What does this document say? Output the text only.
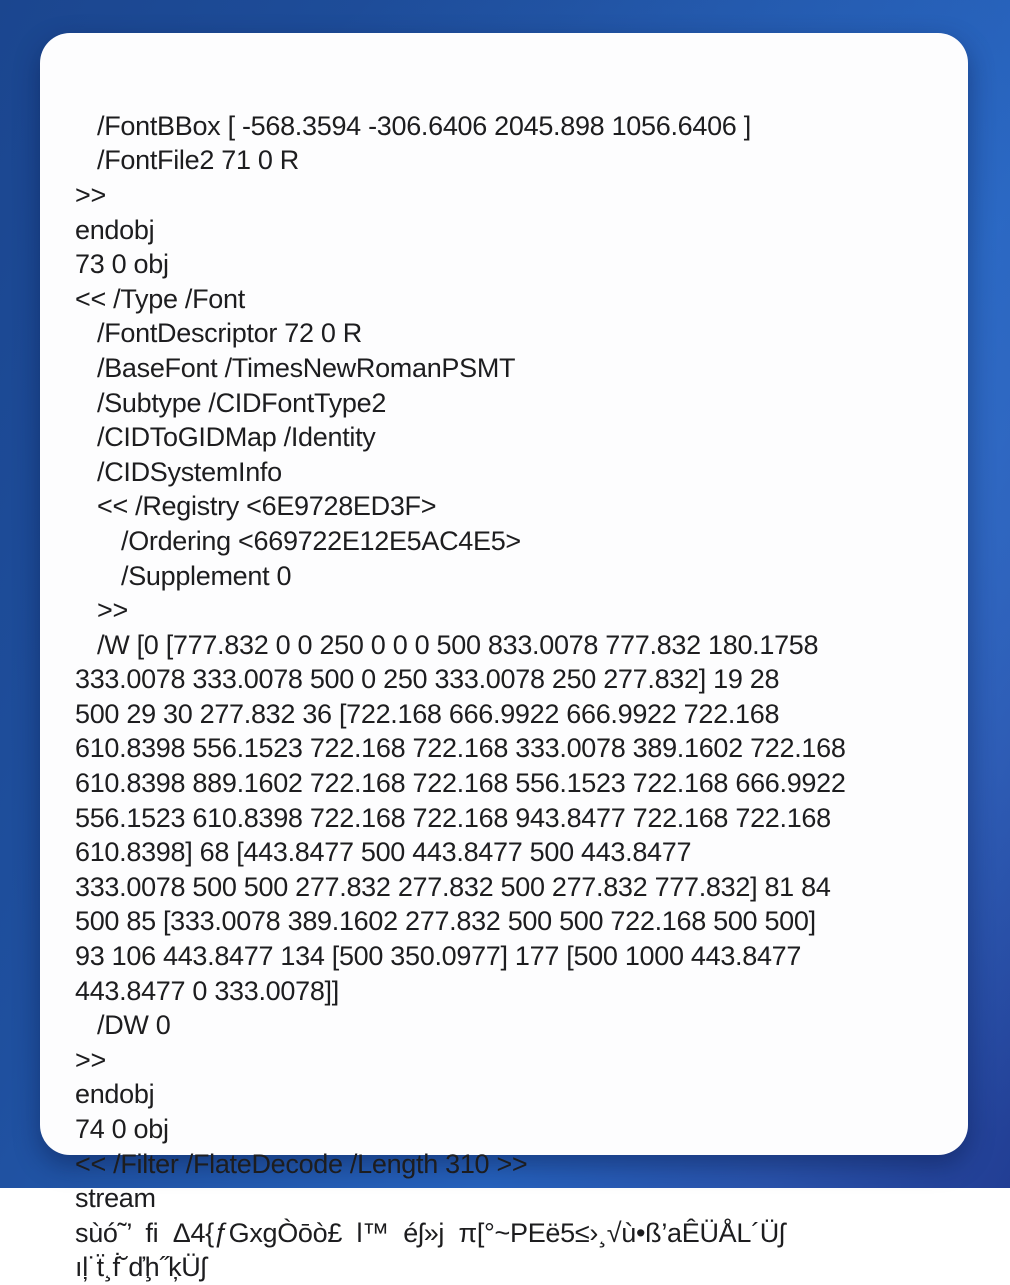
/FontBBox [ -568.3594 -306.6406 2045.898 1056.6406 ]
/FontFile2 71 0 R
>>
endobj
73 0 obj
<< /Type /Font
/FontDescriptor 72 0 R
/BaseFont /TimesNewRomanPSMT
/Subtype /CIDFontType2
/CIDToGIDMap /Identity
/CIDSystemInfo
<< /Registry <6E9728ED3F>
/Ordering <669722E12E5AC4E5>
/Supplement 0
>>
/W [0 [777.832 0 0 250 0 0 0 500 833.0078 777.832 180.1758
333.0078 333.0078 500 0 250 333.0078 250 277.832] 19 28
500 29 30 277.832 36 [722.168 666.9922 666.9922 722.168
610.8398 556.1523 722.168 722.168 333.0078 389.1602 722.168
610.8398 889.1602 722.168 722.168 556.1523 722.168 666.9922
556.1523 610.8398 722.168 722.168 943.8477 722.168 722.168
610.8398] 68 [443.8477 500 443.8477 500 443.8477
333.0078 500 500 277.832 277.832 500 277.832 777.832] 81 84
500 85 [333.0078 389.1602 277.832 500 500 722.168 500 500]
93 106 443.8477 134 [500 350.0977] 177 [500 1000 443.8477
443.8477 0 333.0078]]
/DW 0
>>
endobj
74 0 obj
<< /Filter /FlateDecode /Length 310 >>
stream
sùó˜’  fi  Δ4{ƒGxgÒōò£  l™  éʃ»j  π[°~PEë5≤›¸√ù•ß’aÊÜÅL´Üʃ
ıļ˙ẗ¸ḟ˘ďḩ˝ķÜʃ
